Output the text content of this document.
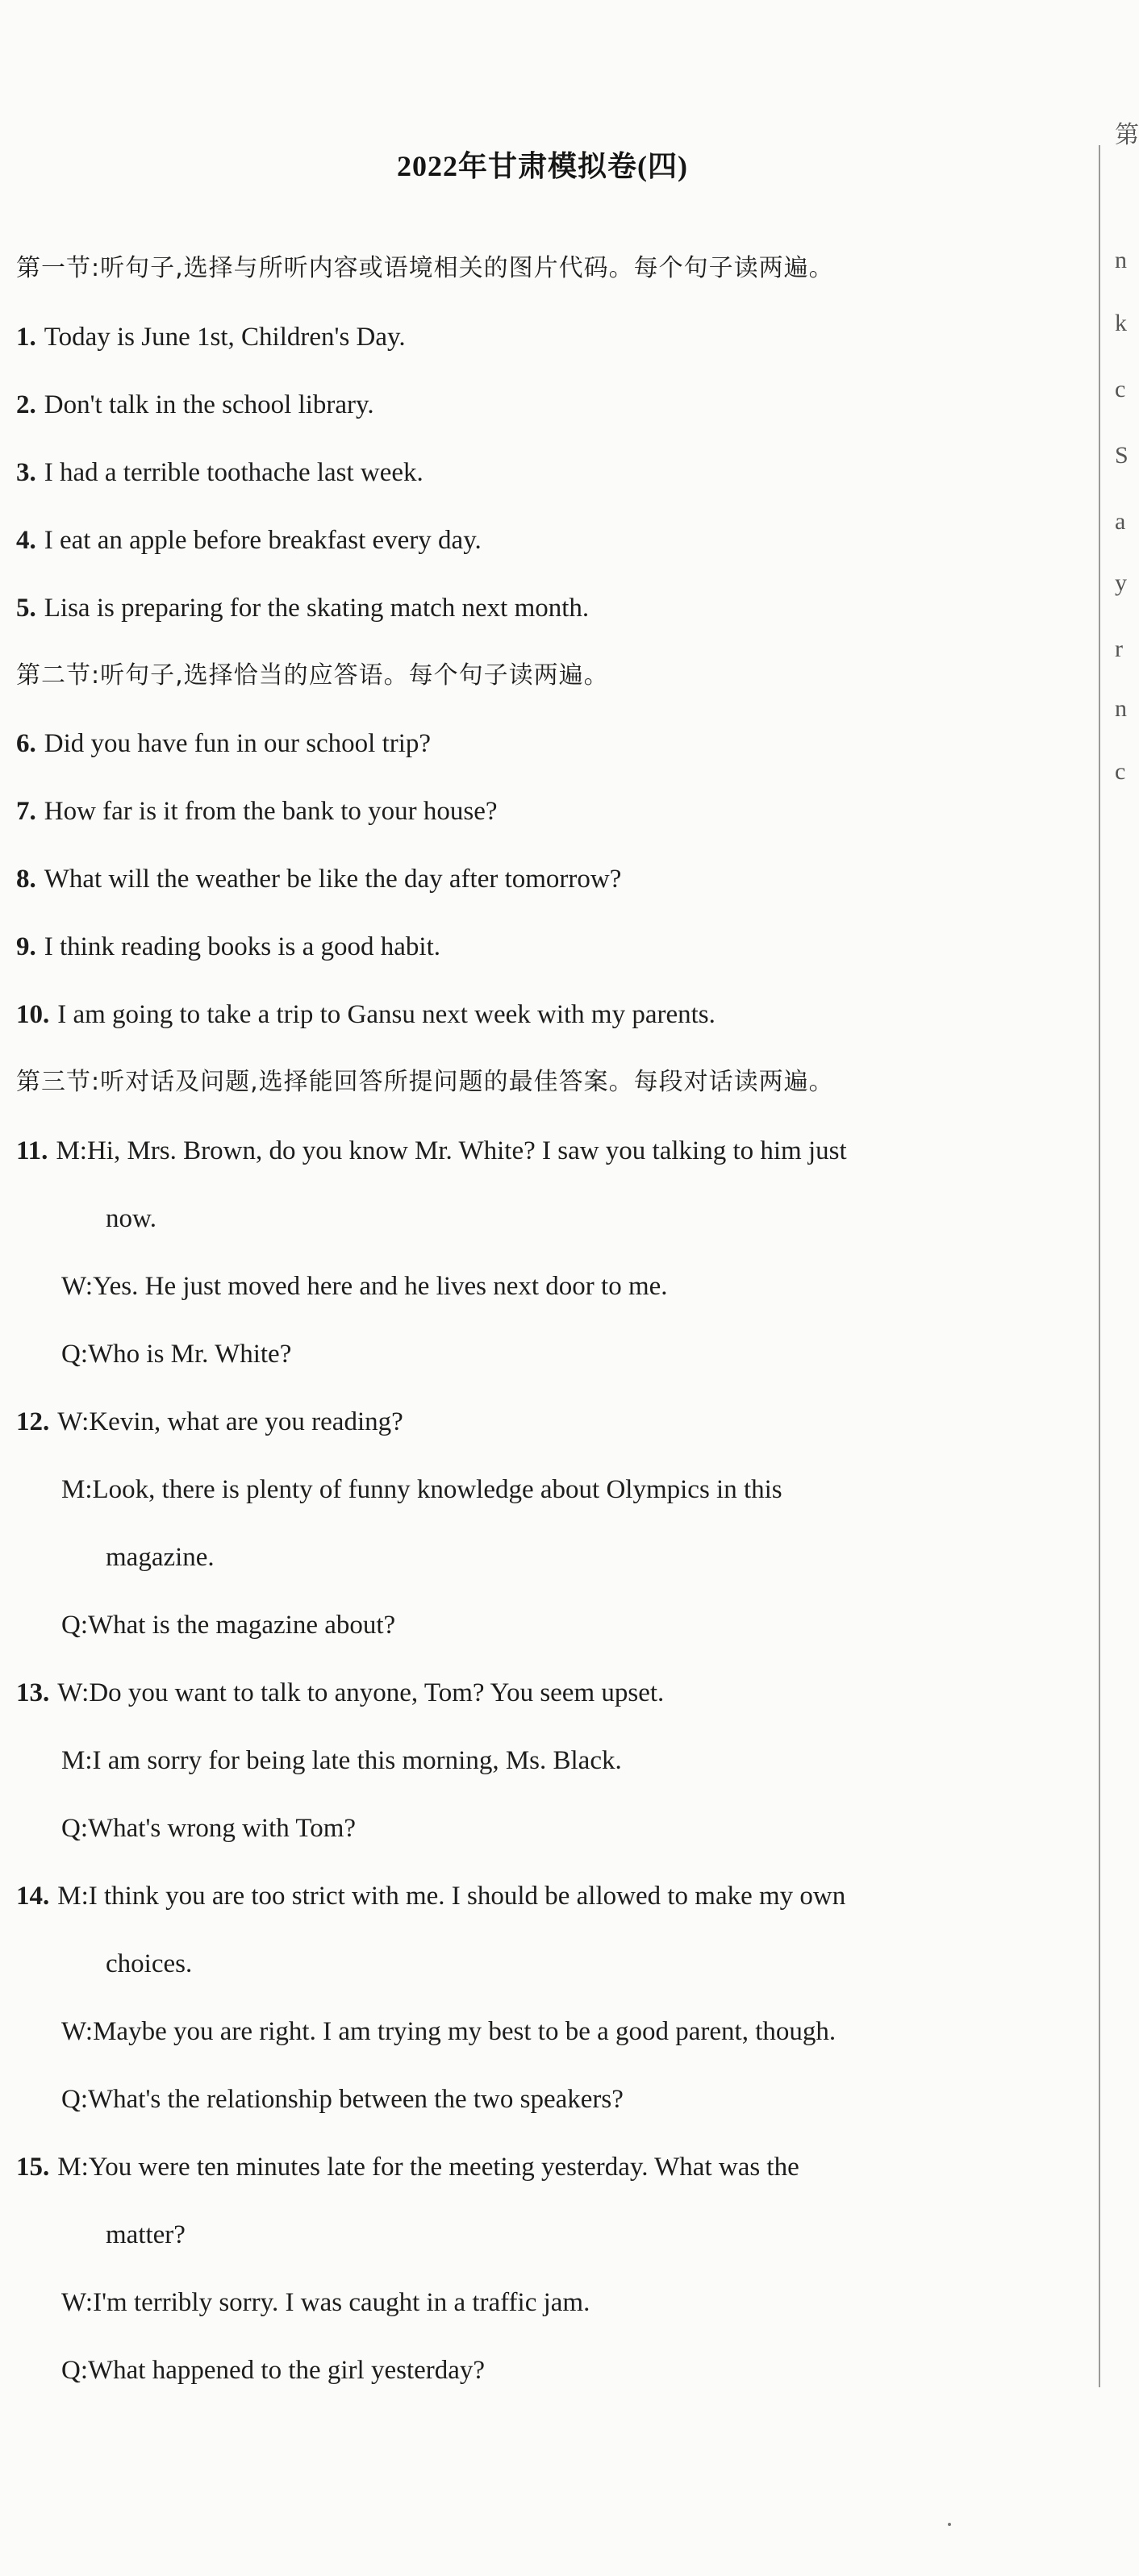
2022年甘肃模拟卷(四)
第一节:听句子,选择与所听内容或语境相关的图片代码。每个句子读两遍。
1. Today is June 1st, Children's Day.
2. Don't talk in the school library.
3. I had a terrible toothache last week.
4. I eat an apple before breakfast every day.
5. Lisa is preparing for the skating match next month.
第二节:听句子,选择恰当的应答语。每个句子读两遍。
6. Did you have fun in our school trip?
7. How far is it from the bank to your house?
8. What will the weather be like the day after tomorrow?
9. I think reading books is a good habit.
10. I am going to take a trip to Gansu next week with my parents.
第三节:听对话及问题,选择能回答所提问题的最佳答案。每段对话读两遍。
11. M:Hi, Mrs. Brown, do you know Mr. White? I saw you talking to him just
now.
W:Yes. He just moved here and he lives next door to me.
Q:Who is Mr. White?
12. W:Kevin, what are you reading?
M:Look, there is plenty of funny knowledge about Olympics in this
magazine.
Q:What is the magazine about?
13. W:Do you want to talk to anyone, Tom? You seem upset.
M:I am sorry for being late this morning, Ms. Black.
Q:What's wrong with Tom?
14. M:I think you are too strict with me. I should be allowed to make my own
choices.
W:Maybe you are right. I am trying my best to be a good parent, though.
Q:What's the relationship between the two speakers?
15. M:You were ten minutes late for the meeting yesterday. What was the
matter?
W:I'm terribly sorry. I was caught in a traffic jam.
Q:What happened to the girl yesterday?
第
n
k
c
S
a
y
r
n
c
